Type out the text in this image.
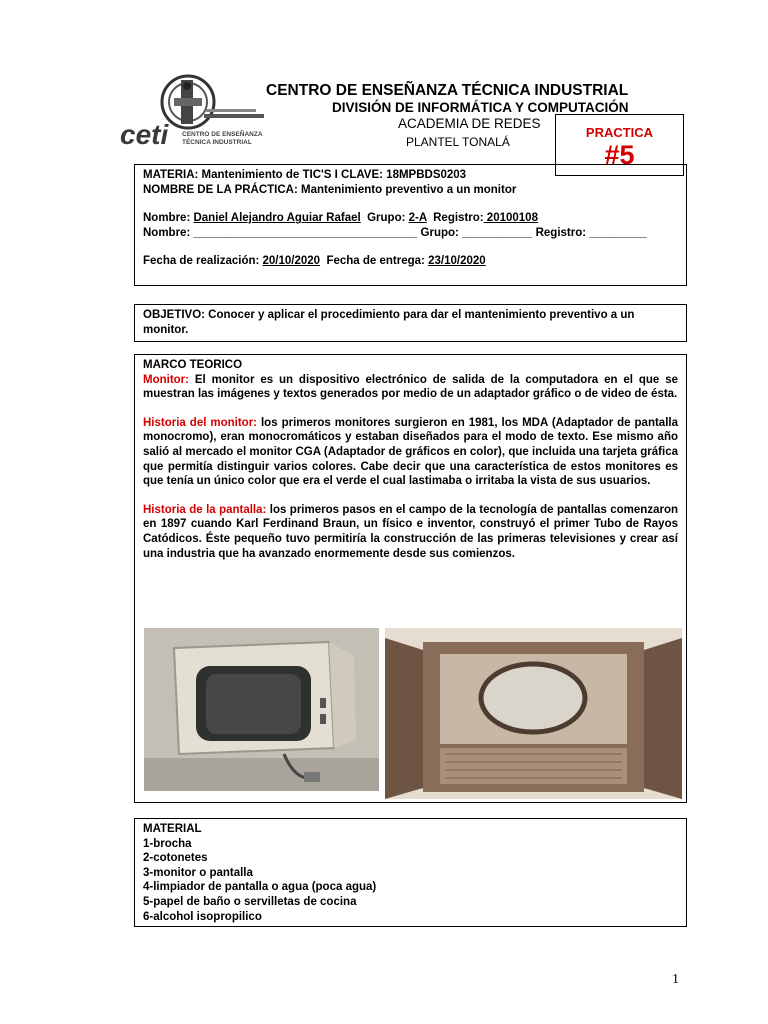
ceti CENTRO DE ENSEÑANZA
TÉCNICA INDUSTRIAL
CENTRO DE ENSEÑANZA TÉCNICA INDUSTRIAL
DIVISIÓN DE INFORMÁTICA Y COMPUTACIÓN
ACADEMIA DE REDES
PLANTEL TONALÁ
PRACTICA
#5
MATERIA: Mantenimiento de TIC'S I CLAVE: 18MPBDS0203
NOMBRE DE LA PRÁCTICA: Mantenimiento preventivo a un monitor
Nombre: Daniel Alejandro Aguiar Rafael  Grupo: 2-A  Registro: 20100108
Nombre: ___________________________________ Grupo: ___________ Registro: _________
Fecha de realización: 20/10/2020  Fecha de entrega: 23/10/2020
OBJETIVO: Conocer y aplicar el procedimiento para dar el mantenimiento preventivo a un monitor.
MARCO TEORICO
Monitor: El monitor es un dispositivo electrónico de salida de la computadora en el que se muestran las imágenes y textos generados por medio de un adaptador gráfico o de video de ésta.
Historia del monitor: los primeros monitores surgieron en 1981, los MDA (Adaptador de pantalla monocromo), eran monocromáticos y estaban diseñados para el modo de texto. Ese mismo año salió al mercado el monitor CGA (Adaptador de gráficos en color), que incluida una tarjeta gráfica que permitía distinguir varios colores. Cabe decir que una característica de estos monitores es que tenía un único color que era el verde el cual lastimaba o irritaba la vista de sus usuarios.
Historia de la pantalla: los primeros pasos en el campo de la tecnología de pantallas comenzaron en 1897 cuando Karl Ferdinand Braun, un físico e inventor, construyó el primer Tubo de Rayos Catódicos. Éste pequeño tuvo permitiría la construcción de las primeras televisiones y crear así una industria que ha avanzado enormemente desde sus comienzos.
MATERIAL
1-brocha
2-cotonetes
3-monitor o pantalla
4-limpiador de pantalla o agua (poca agua)
5-papel de baño o servilletas de cocina
6-alcohol isopropilico
1
